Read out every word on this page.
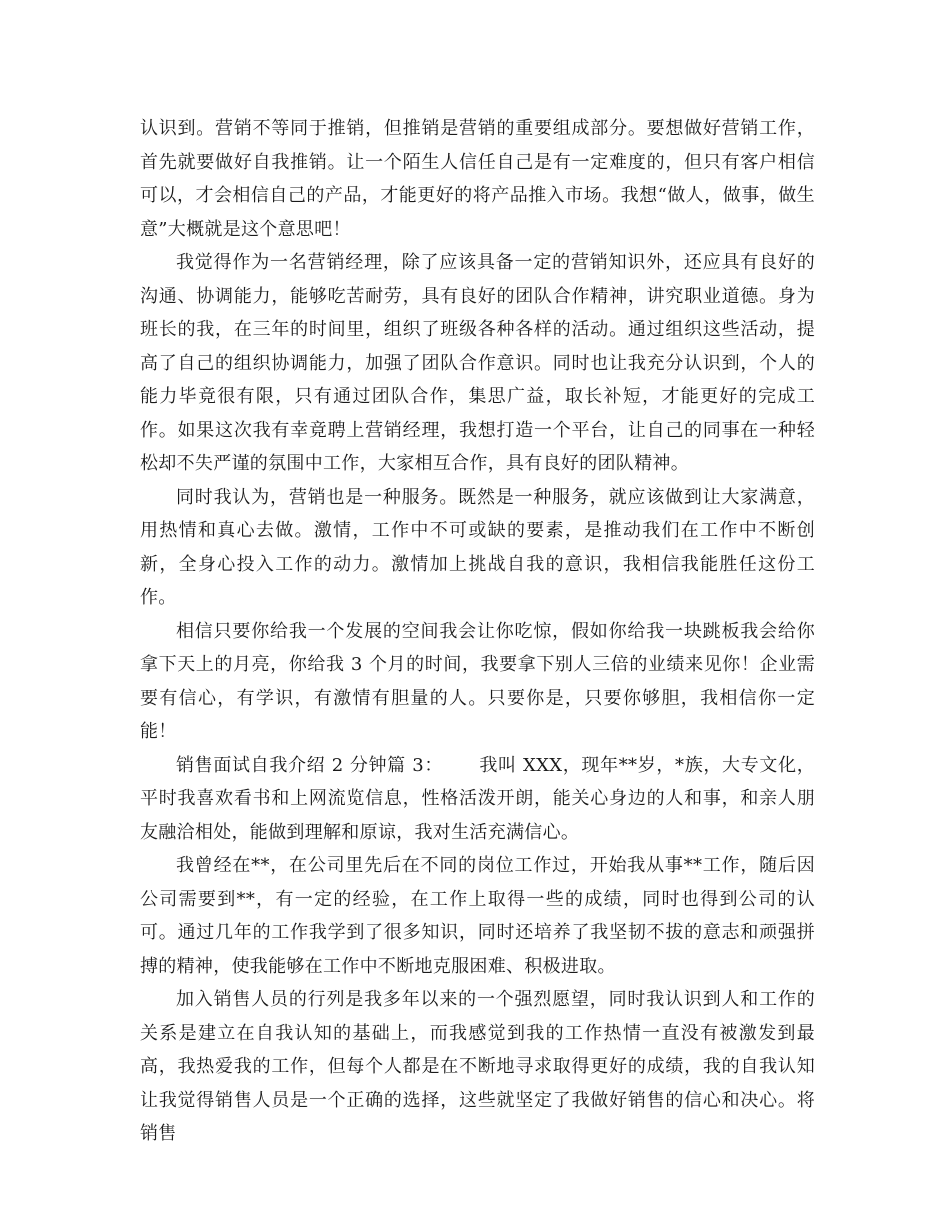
认识到。营销不等同于推销，但推销是营销的重要组成部分。要想做好营销工作，首先就要做好自我推销。让一个陌生人信任自己是有一定难度的，但只有客户相信可以，才会相信自己的产品，才能更好的将产品推入市场。我想“做人，做事，做生意”大概就是这个意思吧！

我觉得作为一名营销经理，除了应该具备一定的营销知识外，还应具有良好的沟通、协调能力，能够吃苦耐劳，具有良好的团队合作精神，讲究职业道德。身为班长的我，在三年的时间里，组织了班级各种各样的活动。通过组织这些活动，提高了自己的组织协调能力，加强了团队合作意识。同时也让我充分认识到，个人的能力毕竟很有限，只有通过团队合作，集思广益，取长补短，才能更好的完成工作。如果这次我有幸竟聘上营销经理，我想打造一个平台，让自己的同事在一种轻松却不失严谨的氛围中工作，大家相互合作，具有良好的团队精神。

同时我认为，营销也是一种服务。既然是一种服务，就应该做到让大家满意，用热情和真心去做。激情，工作中不可或缺的要素，是推动我们在工作中不断创新，全身心投入工作的动力。激情加上挑战自我的意识，我相信我能胜任这份工作。

相信只要你给我一个发展的空间我会让你吃惊，假如你给我一块跳板我会给你拿下天上的月亮，你给我 3 个月的时间，我要拿下别人三倍的业绩来见你！企业需要有信心，有学识，有激情有胆量的人。只要你是，只要你够胆，我相信你一定能！

销售面试自我介绍 2 分钟篇 3： 我叫 XXX，现年**岁，*族，大专文化，平时我喜欢看书和上网流览信息，性格活泼开朗，能关心身边的人和事，和亲人朋友融洽相处，能做到理解和原谅，我对生活充满信心。

我曾经在**，在公司里先后在不同的岗位工作过，开始我从事**工作，随后因公司需要到**，有一定的经验，在工作上取得一些的成绩，同时也得到公司的认可。通过几年的工作我学到了很多知识，同时还培养了我坚韧不拔的意志和顽强拼搏的精神，使我能够在工作中不断地克服困难、积极进取。

加入销售人员的行列是我多年以来的一个强烈愿望，同时我认识到人和工作的关系是建立在自我认知的基础上，而我感觉到我的工作热情一直没有被激发到最高，我热爱我的工作，但每个人都是在不断地寻求取得更好的成绩，我的自我认知让我觉得销售人员是一个正确的选择，这些就坚定了我做好销售的信心和决心。将销售
